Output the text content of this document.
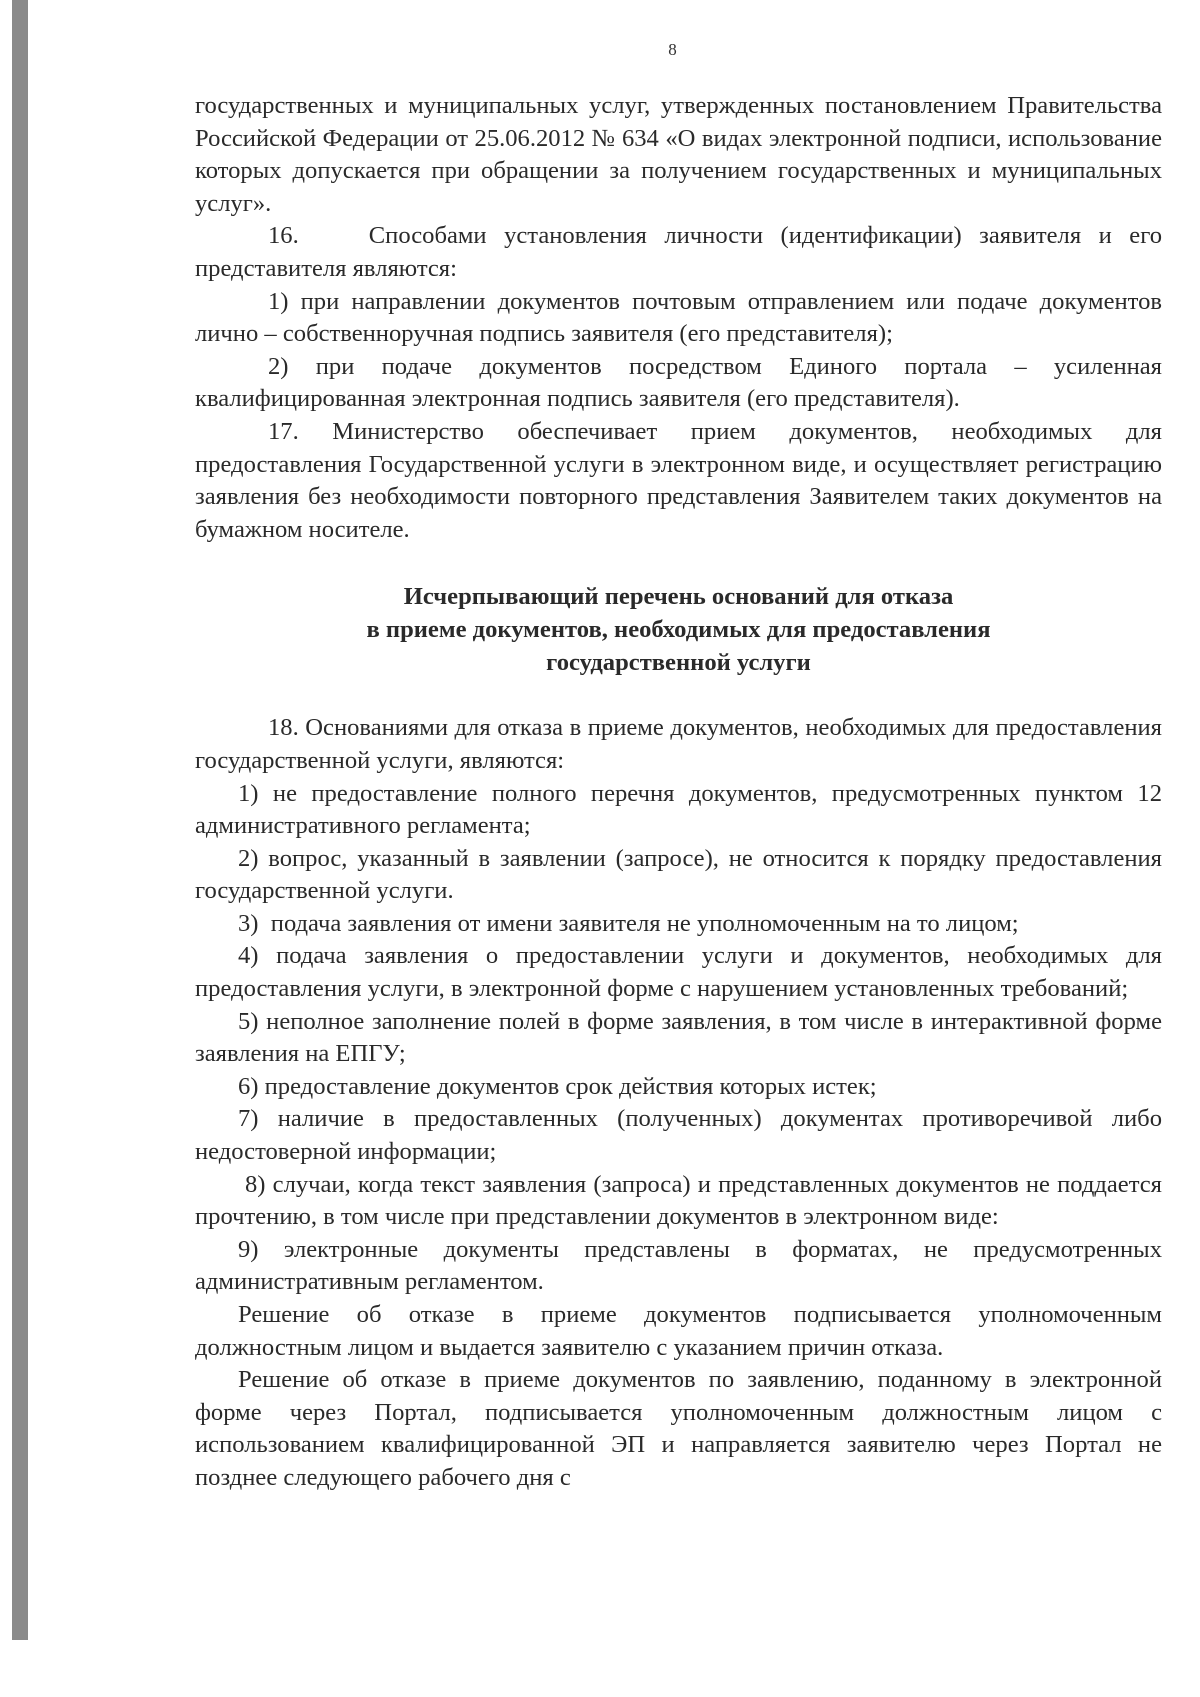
8

государственных и муниципальных услуг, утвержденных постановлением Правительства Российской Федерации от 25.06.2012 № 634 «О видах электронной подписи, использование которых допускается при обращении за получением государственных и муниципальных услуг».

16.    Способами установления личности (идентификации) заявителя и его представителя являются:

1) при направлении документов почтовым отправлением или подаче документов лично – собственноручная подпись заявителя (его представителя);

2) при подаче документов посредством Единого портала – усиленная квалифицированная электронная подпись заявителя (его представителя).

17. Министерство обеспечивает прием документов, необходимых для предоставления Государственной услуги в электронном виде, и осуществляет регистрацию заявления без необходимости повторного представления Заявителем таких документов на бумажном носителе.

Исчерпывающий перечень оснований для отказа
в приеме документов, необходимых для предоставления
государственной услуги

18. Основаниями для отказа в приеме документов, необходимых для предоставления государственной услуги, являются:

1) не предоставление полного перечня документов, предусмотренных пунктом 12 административного регламента;

2) вопрос, указанный в заявлении (запросе), не относится к порядку предоставления государственной услуги.

3)  подача заявления от имени заявителя не уполномоченным на то лицом;

4) подача заявления о предоставлении услуги и документов, необходимых для предоставления услуги, в электронной форме с нарушением установленных требований;

5) неполное заполнение полей в форме заявления, в том числе в интерактивной форме заявления на ЕПГУ;

6) предоставление документов срок действия которых истек;

7) наличие в предоставленных (полученных) документах противоречивой либо недостоверной информации;

8) случаи, когда текст заявления (запроса) и представленных документов не поддается прочтению, в том числе при представлении документов в электронном виде:

9) электронные документы представлены в форматах, не предусмотренных административным регламентом.

Решение об отказе в приеме документов подписывается уполномоченным должностным лицом и выдается заявителю с указанием причин отказа.

Решение об отказе в приеме документов по заявлению, поданному в электронной форме через Портал, подписывается уполномоченным должностным лицом с использованием квалифицированной ЭП и направляется заявителю через Портал не позднее следующего рабочего дня с
